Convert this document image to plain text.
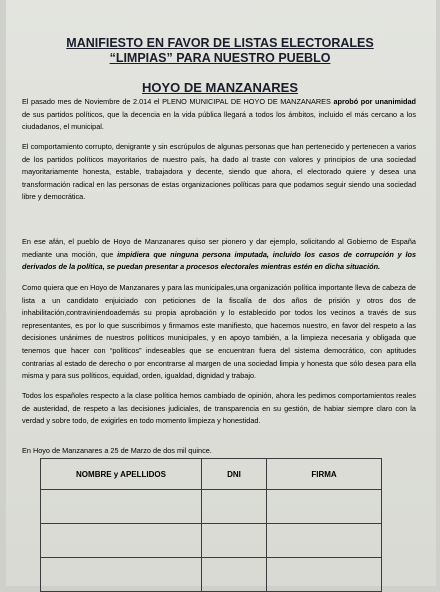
MANIFIESTO EN FAVOR DE LISTAS ELECTORALES
“LIMPIAS” PARA NUESTRO PUEBLO
HOYO DE MANZANARES

El pasado mes de Noviembre de 2.014 el PLENO MUNICIPAL DE HOYO DE MANZANARES aprobó por unanimidad de sus partidos políticos, que la decencia en la vida pública llegará a todos los ámbitos, incluido el más cercano a los ciudadanos, el municipal.

El comportamiento corrupto, denigrante y sin escrúpulos de algunas personas que han pertenecido y pertenecen a varios de los partidos políticos mayoritarios de nuestro país, ha dado al traste con valores y principios de una sociedad mayoritariamente honesta, estable, trabajadora y decente, siendo que ahora, el electorado quiere y desea una transformación radical en las personas de estas organizaciones políticas para que podamos seguir siendo una sociedad libre y democrática.

En ese afán, el pueblo de Hoyo de Manzanares quiso ser pionero y dar ejemplo, solicitando al Gobierno de España mediante una moción, que impidiera que ninguna persona imputada, incluido los casos de corrupción y los derivados de la política, se puedan presentar a procesos electorales mientras estén en dicha situación.

Como quiera que en Hoyo de Manzanares y para las municipales,una organización política importante lleva de cabeza de lista a un candidato enjuiciado con peticiones de la fiscalía de dos años de prisión y otros dos de inhabilitación,contraviniendoademás su propia aprobación y lo establecido por todos los vecinos a través de sus representantes, es por lo que suscribimos y firmamos este manifiesto, que hacemos nuestro, en favor del respeto a las decisiones unánimes de nuestros políticos municipales, y en apoyo también, a la limpieza necesaria y obligada que tenemos que hacer con “políticos” indeseables que se encuentran fuera del sistema democrático, con aptitudes contrarias al estado de derecho o por encontrarse al margen de una sociedad limpia y honesta que sólo desea para ella misma y para sus políticos, equidad, orden, igualdad, dignidad y trabajo.

Todos los españoles respecto a la clase política hemos cambiado de opinión, ahora les pedimos comportamientos reales de austeridad, de respeto a las decisiones judiciales, de transparencia en su gestión, de habiar siempre claro con la verdad y sobre todo, de exigirles en todo momento limpieza y honestidad.

En Hoyo de Manzanares a 25 de Marzo de dos mil quince.

NOMBRE y APELLIDOS	DNI	FIRMA
